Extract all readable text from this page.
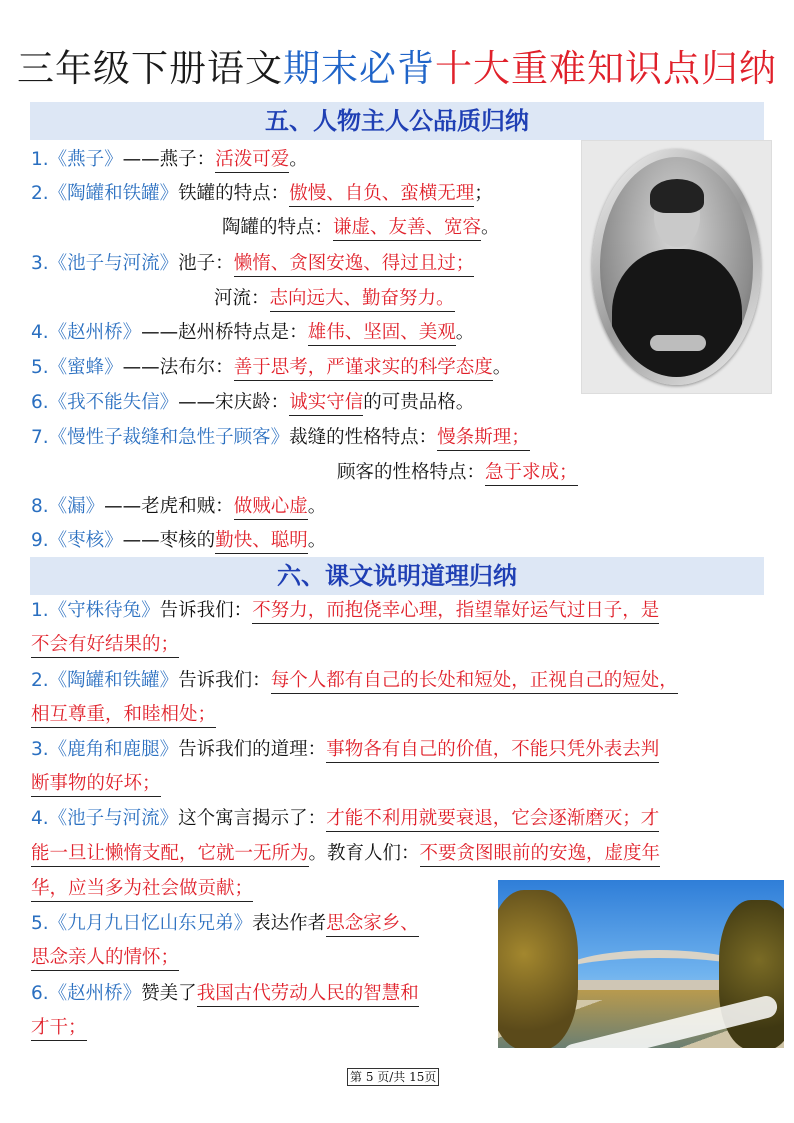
三年级下册语文期末必背十大重难知识点归纳
五、人物主人公品质归纳
1.《燕子》——燕子：活泼可爱。
2.《陶罐和铁罐》铁罐的特点：傲慢、自负、蛮横无理；
陶罐的特点：谦虚、友善、宽容。
3.《池子与河流》池子：懒惰、贪图安逸、得过且过；
河流：志向远大、勤奋努力。
4.《赵州桥》——赵州桥特点是：雄伟、坚固、美观。
5.《蜜蜂》——法布尔：善于思考，严谨求实的科学态度。
6.《我不能失信》——宋庆龄：诚实守信的可贵品格。
7.《慢性子裁缝和急性子顾客》裁缝的性格特点：慢条斯理；
顾客的性格特点：急于求成；
8.《漏》——老虎和贼：做贼心虚。
9.《枣核》——枣核的勤快、聪明。
六、课文说明道理归纳
1.《守株待兔》告诉我们：不努力，而抱侥幸心理，指望靠好运气过日子，是
不会有好结果的；
2.《陶罐和铁罐》告诉我们：每个人都有自己的长处和短处，正视自己的短处，
相互尊重，和睦相处；
3.《鹿角和鹿腿》告诉我们的道理：事物各有自己的价值，不能只凭外表去判
断事物的好坏；
4.《池子与河流》这个寓言揭示了：才能不利用就要衰退，它会逐渐磨灭；才
能一旦让懒惰支配，它就一无所为。教育人们：不要贪图眼前的安逸，虚度年
华，应当多为社会做贡献；
5.《九月九日忆山东兄弟》表达作者思念家乡、
思念亲人的情怀；
6.《赵州桥》赞美了我国古代劳动人民的智慧和
才干；
第 5 页/共 15页
